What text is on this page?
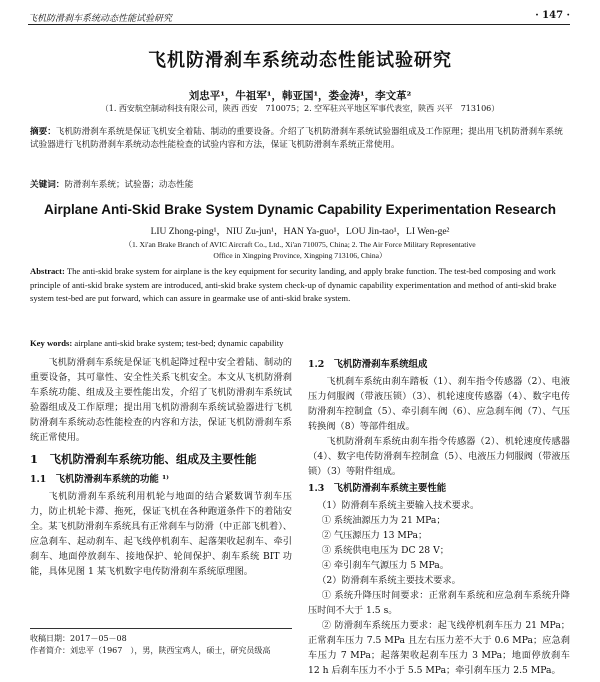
飞机防滑刹车系统动态性能试验研究	· 147 ·
飞机防滑刹车系统动态性能试验研究
刘忠平¹，牛祖军¹，韩亚国¹，娄金涛¹，李文革²
（1. 西安航空制动科技有限公司，陕西 西安　710075；2. 空军驻兴平地区军事代表室，陕西 兴平　713106）
摘要：飞机防滑刹车系统是保证飞机安全着陆、制动的重要设备。介绍了飞机防滑刹车系统试验器组成及工作原理；提出用飞机防滑刹车系统试验器进行飞机防滑刹车系统动态性能检查的试验内容和方法，保证飞机防滑刹车系统正常使用。
关键词：防滑刹车系统；试验器；动态性能
Airplane Anti-Skid Brake System Dynamic Capability Experimentation Research
LIU Zhong-ping¹，NIU Zu-jun¹，HAN Ya-guo¹，LOU Jin-tao¹，LI Wen-ge²
（1. Xi'an Brake Branch of AVIC Aircraft Co., Ltd., Xi'an 710075, China; 2. The Air Force Military Representative
Office in Xingping Province, Xingping 713106, China）
Abstract: The anti-skid brake system for airplane is the key equipment for security landing, and apply brake function. The test-bed composing and work principle of anti-skid brake system are introduced, anti-skid brake system check-up of dynamic capability experimentation and method of anti-skid brake system test-bed are put forward, which can assure in gearmake use of anti-skid brake system.
Key words: airplane anti-skid brake system; test-bed; dynamic capability

飞机防滑刹车系统是保证飞机起降过程中安全着陆、制动的重要设备，其可靠性、安全性关系飞机安全。本文从飞机防滑刹车系统功能、组成及主要性能出发，介绍了飞机防滑刹车系统试验器组成及工作原理；提出用飞机防滑刹车系统试验器进行飞机防滑刹车系统动态性能检查的内容和方法，保证飞机防滑刹车系统正常使用。

1　飞机防滑刹车系统功能、组成及主要性能
1.1　飞机防滑刹车系统的功能 ¹⁾

飞机防滑刹车系统利用机轮与地面的结合紧数调节刹车压力，防止机轮卡滞、拖死，保证飞机在各种跑道条件下的着陆安全。某飞机防滑刹车系统具有正常刹车与防滑（中正部飞机着）、应急刹车、起动刹车、起飞线停机刹车、起落架收起刹车、牵引刹车、地面停放刹车、接地保护、轮间保护、刹车系统 BIT 功能，具体见图 1 某飞机数字电传防滑刹车系统原理图。

1.2　飞机防滑刹车系统组成

飞机刹车系统由刹车踏板（1）、刹车指令传感器（2）、电液压力伺服阀（带液压锁）（3）、机轮速度传感器（4）、数字电传防滑刹车控制盒（5）、牵引刹车阀（6）、应急刹车阀（7）、气压转换阀（8）等部件组成。

飞机防滑刹车系统由刹车指令传感器（2）、机轮速度传感器（4）、数字电传防滑刹车控制盒（5）、电液压力伺服阀（带液压锁）（3）等附件组成。

1.3　飞机防滑刹车系统主要性能

（1）防滑刹车系统主要输入技术要求。

① 系统油源压力为 21 MPa；

② 气压源压力 13 MPa；

③ 系统供电电压为 DC 28 V；

④ 牵引刹车气源压力 5 MPa。

（2）防滑刹车系统主要技术要求。

① 系统升降压时间要求：正常刹车系统和应急刹车系统升降压时间不大于 1.5 s。

② 防滑刹车系统压力要求：起飞线停机刹车压力 21 MPa；正常刹车压力 7.5 MPa 且左右压力差不大于 0.6 MPa；应急刹车压力 7 MPa；起落架收起刹车压力 3 MPa；地面停放刹车 12 h 后刹车压力不小于 5.5 MPa；牵引刹车压力 2.5 MPa。

收稿日期：2017－05－08
作者简介：刘忠平（1967　），男，陕西宝鸡人，硕士，研究员级高
